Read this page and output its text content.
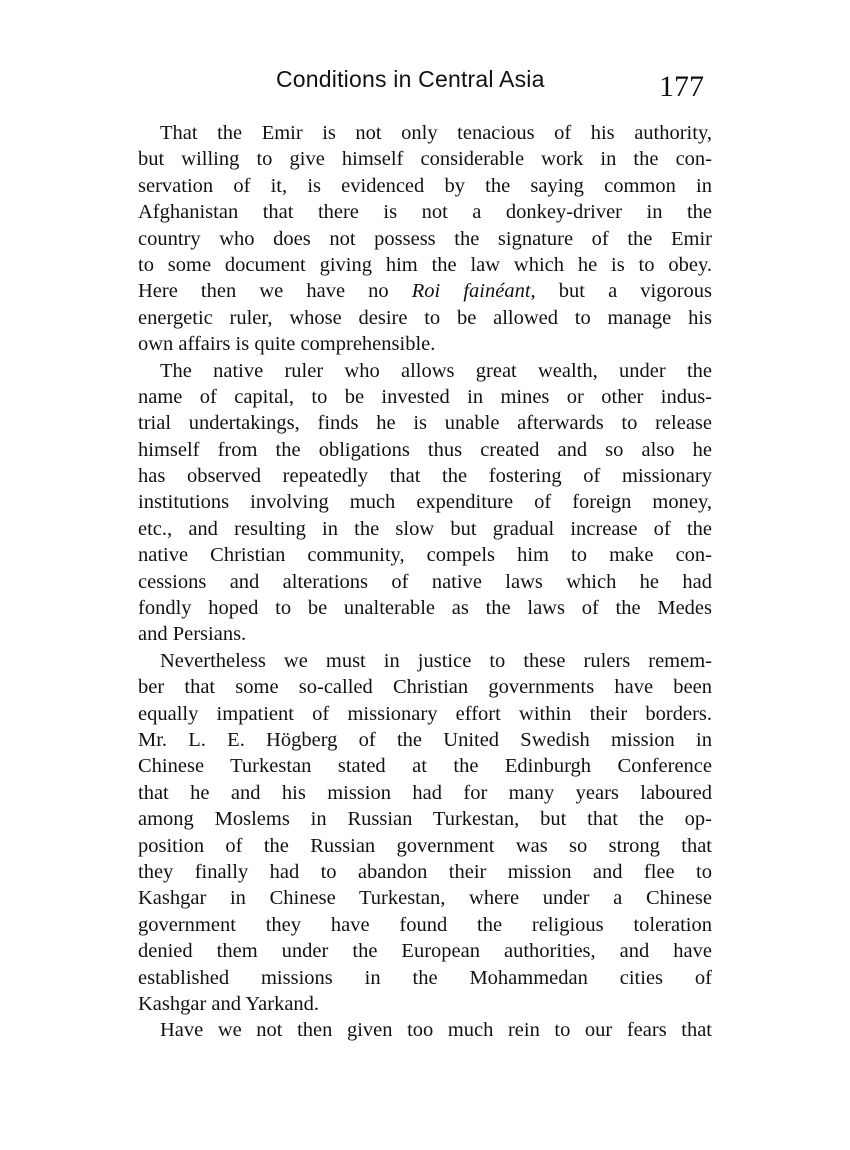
Conditions in Central Asia	177
That the Emir is not only tenacious of his authority,
but willing to give himself considerable work in the con-
servation of it, is evidenced by the saying common in
Afghanistan that there is not a donkey-driver in the
country who does not possess the signature of the Emir
to some document giving him the law which he is to obey.
Here then we have no Roi fainéant, but a vigorous
energetic ruler, whose desire to be allowed to manage his
own affairs is quite comprehensible.
The native ruler who allows great wealth, under the
name of capital, to be invested in mines or other indus-
trial undertakings, finds he is unable afterwards to release
himself from the obligations thus created and so also he
has observed repeatedly that the fostering of missionary
institutions involving much expenditure of foreign money,
etc., and resulting in the slow but gradual increase of the
native Christian community, compels him to make con-
cessions and alterations of native laws which he had
fondly hoped to be unalterable as the laws of the Medes
and Persians.
Nevertheless we must in justice to these rulers remem-
ber that some so-called Christian governments have been
equally impatient of missionary effort within their borders.
Mr. L. E. Högberg of the United Swedish mission in
Chinese Turkestan stated at the Edinburgh Conference
that he and his mission had for many years laboured
among Moslems in Russian Turkestan, but that the op-
position of the Russian government was so strong that
they finally had to abandon their mission and flee to
Kashgar in Chinese Turkestan, where under a Chinese
government they have found the religious toleration
denied them under the European authorities, and have
established missions in the Mohammedan cities of
Kashgar and Yarkand.
Have we not then given too much rein to our fears that
